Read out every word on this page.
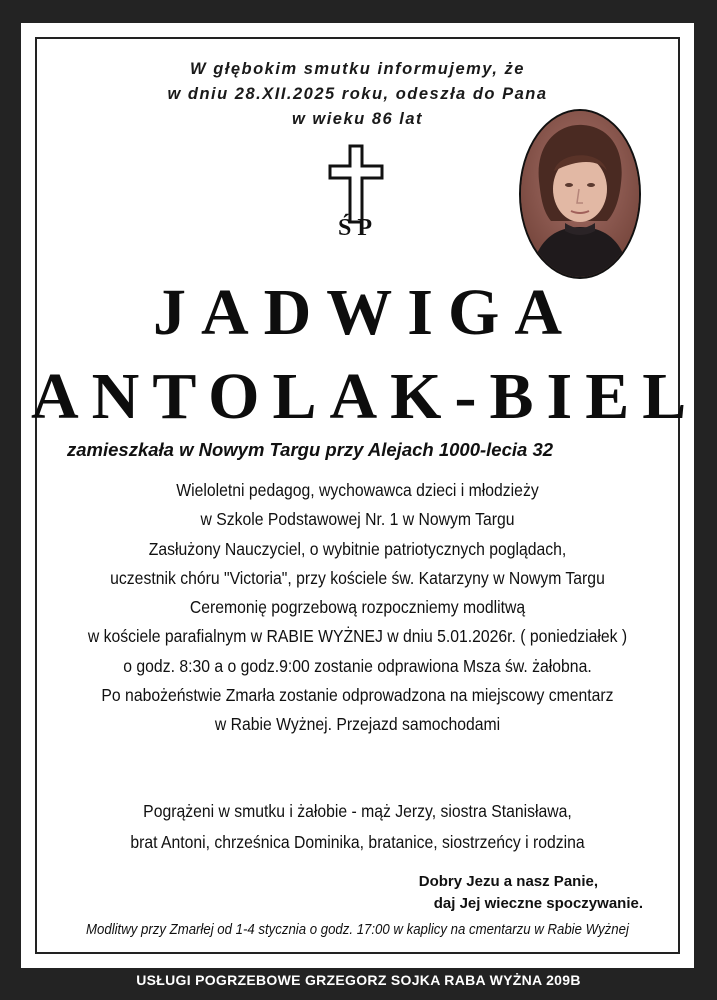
W głębokim smutku informujemy, że
w dniu 28.XII.2025 roku, odeszła do Pana
w wieku 86 lat
ŚP
JADWIGA
ANTOLAK-BIEL
zamieszkała w Nowym Targu przy Alejach 1000-lecia 32
Wieloletni pedagog, wychowawca dzieci i młodzieży
w Szkole Podstawowej Nr. 1 w Nowym Targu
Zasłużony Nauczyciel, o wybitnie patriotycznych poglądach,
uczestnik chóru "Victoria", przy kościele św. Katarzyny w Nowym Targu
Ceremonię pogrzebową rozpoczniemy modlitwą
w kościele parafialnym w RABIE WYŻNEJ w dniu 5.01.2026r. ( poniedziałek )
o godz. 8:30 a o godz.9:00 zostanie odprawiona Msza św. żałobna.
Po nabożeństwie Zmarła zostanie odprowadzona na miejscowy cmentarz
w Rabie Wyżnej. Przejazd samochodami
Pogrążeni w smutku i żałobie - mąż Jerzy, siostra Stanisława,
brat Antoni, chrześnica Dominika, bratanice, siostrzeńcy i rodzina
Dobry Jezu a nasz Panie,
daj Jej wieczne spoczywanie.
Modlitwy przy Zmarłej od 1-4 stycznia o godz. 17:00 w kaplicy na cmentarzu w Rabie Wyżnej
USŁUGI POGRZEBOWE GRZEGORZ SOJKA RABA WYŻNA 209B
